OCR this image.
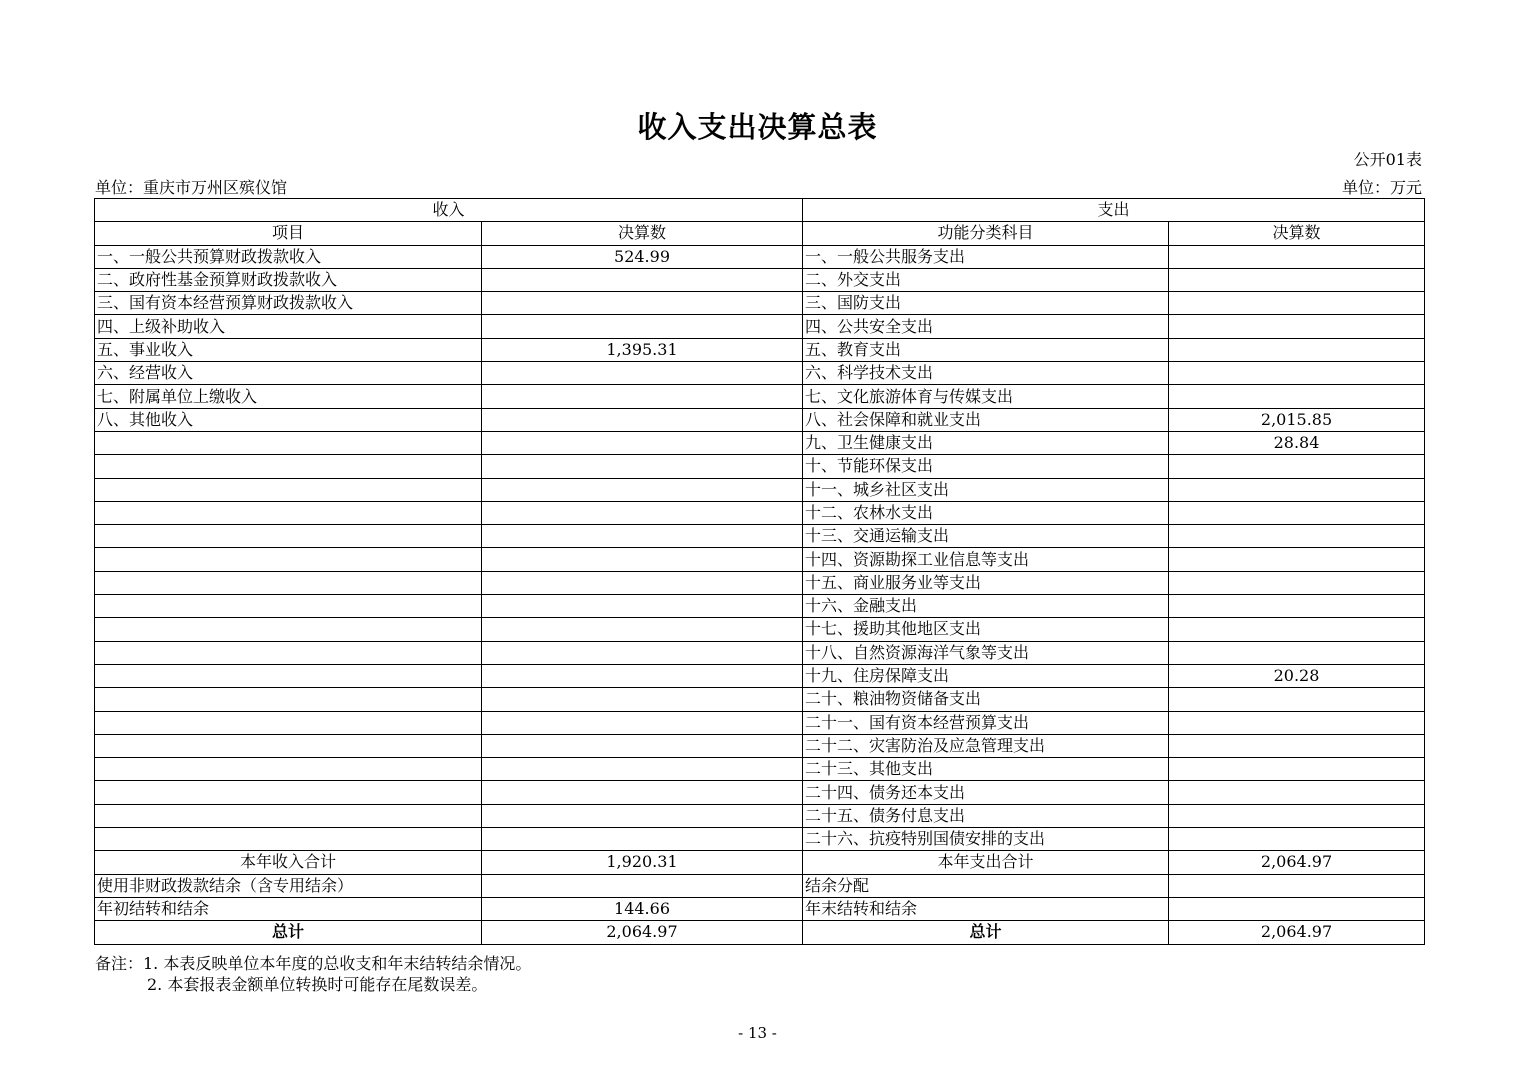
收入支出决算总表
公开01表
单位：重庆市万州区殡仪馆	单位：万元
收入		支出	
项目	决算数	功能分类科目	决算数
一、一般公共预算财政拨款收入	524.99	一、一般公共服务支出	
二、政府性基金预算财政拨款收入		二、外交支出	
三、国有资本经营预算财政拨款收入		三、国防支出	
四、上级补助收入		四、公共安全支出	
五、事业收入	1,395.31	五、教育支出	
六、经营收入		六、科学技术支出	
七、附属单位上缴收入		七、文化旅游体育与传媒支出	
八、其他收入		八、社会保障和就业支出	2,015.85
		九、卫生健康支出	28.84
		十、节能环保支出	
		十一、城乡社区支出	
		十二、农林水支出	
		十三、交通运输支出	
		十四、资源勘探工业信息等支出	
		十五、商业服务业等支出	
		十六、金融支出	
		十七、援助其他地区支出	
		十八、自然资源海洋气象等支出	
		十九、住房保障支出	20.28
		二十、粮油物资储备支出	
		二十一、国有资本经营预算支出	
		二十二、灾害防治及应急管理支出	
		二十三、其他支出	
		二十四、债务还本支出	
		二十五、债务付息支出	
		二十六、抗疫特别国债安排的支出	
本年收入合计	1,920.31	本年支出合计	2,064.97
使用非财政拨款结余（含专用结余）		结余分配	
年初结转和结余	144.66	年末结转和结余	
总计	2,064.97	总计	2,064.97
备注：1. 本表反映单位本年度的总收支和年末结转结余情况。
2. 本套报表金额单位转换时可能存在尾数误差。
- 13 -
